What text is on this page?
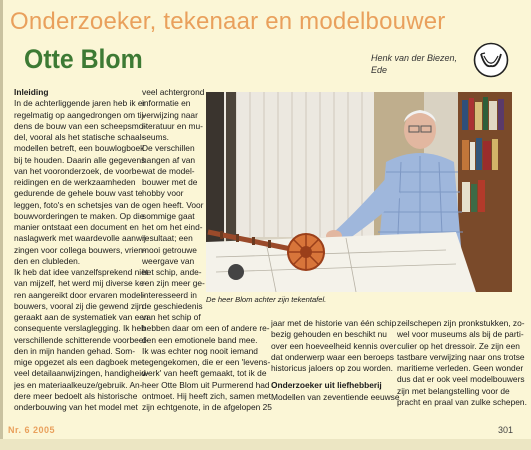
Onderzoeker, tekenaar en modelbouwer
Otte Blom	Henk van der Biezen,
Ede
Inleiding
In de achterliggende jaren heb ik er
regelmatig op aangedrongen om tij-
dens de bouw van een scheepsmo-
del, vooral als het statische schaal-
modellen betreft, een bouwlogboek
bij te houden. Daarin alle gegevens
van het vooronderzoek, de voorbe-
reidingen en de werkzaamheden
gedurende de gehele bouw vast te
leggen, foto's en schetsjes van de
bouwvorderingen te maken. Op die
manier ontstaat een document en
naslagwerk met waardevolle aanwij-
zingen voor collega bouwers, vrien-
den en clubleden.
Ik heb dat idee vanzelfsprekend niet
van mijzelf, het werd mij diverse ke-
ren aangereikt door ervaren model-
bouwers, vooral zij die gewend zijn
geraakt aan de systematiek van een
consequente verslaglegging. Ik heb
verschillende schitterende voorbeel-
den in mijn handen gehad. Som-
mige opgezet als een dagboek met
veel detailaanwijzingen, handigheid-
jes en materiaalkeuze/gebruik. An-
dere meer bedoelt als historische
onderbouwing van het model met
veel achtergrond
informatie en
verwijzing naar
literatuur en mu-
seums.
De verschillen
hangen af van
wat de model-
bouwer met de
hobby voor
ogen heeft. Voor
sommige gaat
het om het eind-
resultaat; een
mooi getrouwe
weergave van
het schip, ande-
ren zijn meer ge-
interesseerd in
de geschiedenis
van het schip of
hebben daar om een of andere re-
den een emotionele band mee.
Ik was echter nog nooit iemand
tegengekomen, die er een 'levens-
werk' van heeft gemaakt, tot ik de
heer Otte Blom uit Purmerend had
ontmoet. Hij heeft zich, samen met
zijn echtgenote, in de afgelopen 25
De heer Blom achter zijn tekentafel.
jaar met de historie van één schip
bezig gehouden en beschikt nu
over een hoeveelheid kennis over
dat onderwerp waar een beroeps
historicus jaloers op zou worden.
Onderzoeker uit liefhebberij
Modellen van zeventiende eeuwse
zeilschepen zijn pronkstukken, zo-
wel voor museums als bij de parti-
culier op het dressoir. Ze zijn een
tastbare verwijzing naar ons trotse
maritieme verleden. Geen wonder
dus dat er ook veel modelbouwers
zijn met belangstelling voor de
pracht en praal van zulke schepen.
Nr. 6 2005	301
